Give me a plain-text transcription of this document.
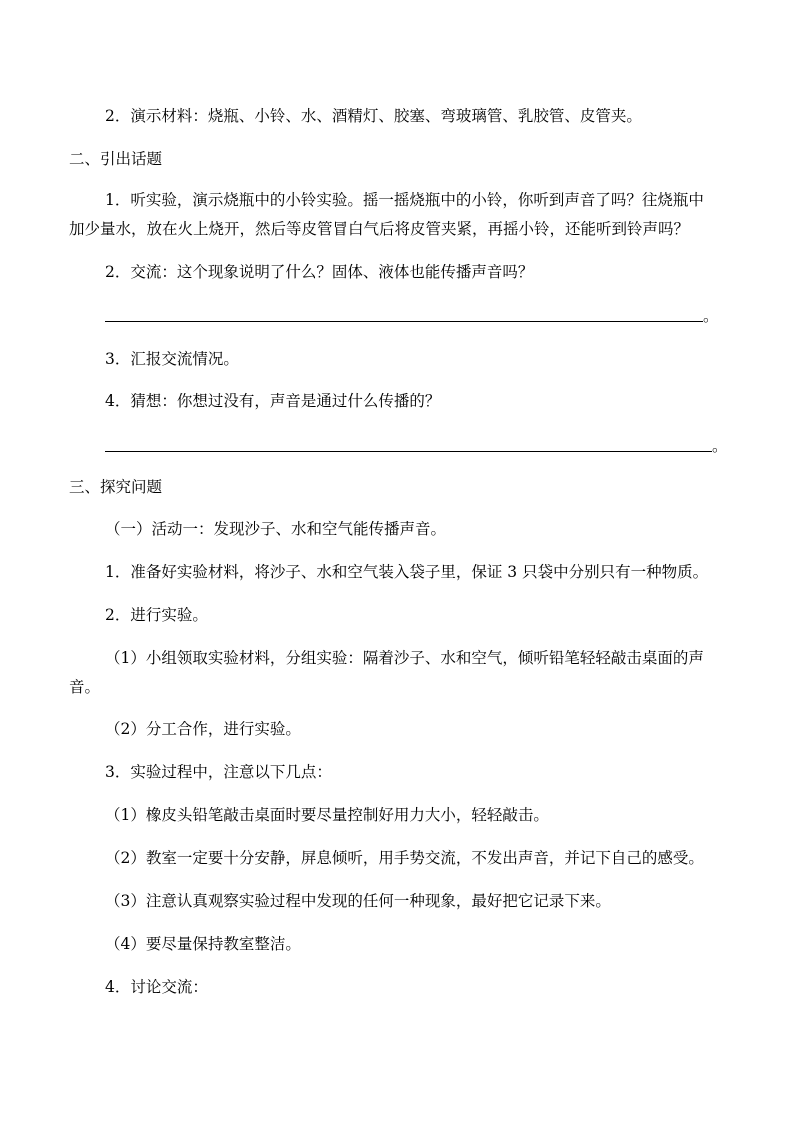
2．演示材料：烧瓶、小铃、水、酒精灯、胶塞、弯玻璃管、乳胶管、皮管夹。
二、引出话题
1．听实验，演示烧瓶中的小铃实验。摇一摇烧瓶中的小铃，你听到声音了吗？往烧瓶中
加少量水，放在火上烧开，然后等皮管冒白气后将皮管夹紧，再摇小铃，还能听到铃声吗？
2．交流：这个现象说明了什么？固体、液体也能传播声音吗？
。
3．汇报交流情况。
4．猜想：你想过没有，声音是通过什么传播的？
。
三、探究问题
（一）活动一：发现沙子、水和空气能传播声音。
1．准备好实验材料，将沙子、水和空气装入袋子里，保证 3 只袋中分别只有一种物质。
2．进行实验。
（1）小组领取实验材料，分组实验：隔着沙子、水和空气，倾听铅笔轻轻敲击桌面的声
音。
（2）分工合作，进行实验。
3．实验过程中，注意以下几点：
（1）橡皮头铅笔敲击桌面时要尽量控制好用力大小，轻轻敲击。
（2）教室一定要十分安静，屏息倾听，用手势交流，不发出声音，并记下自己的感受。
（3）注意认真观察实验过程中发现的任何一种现象，最好把它记录下来。
（4）要尽量保持教室整洁。
4．讨论交流：
